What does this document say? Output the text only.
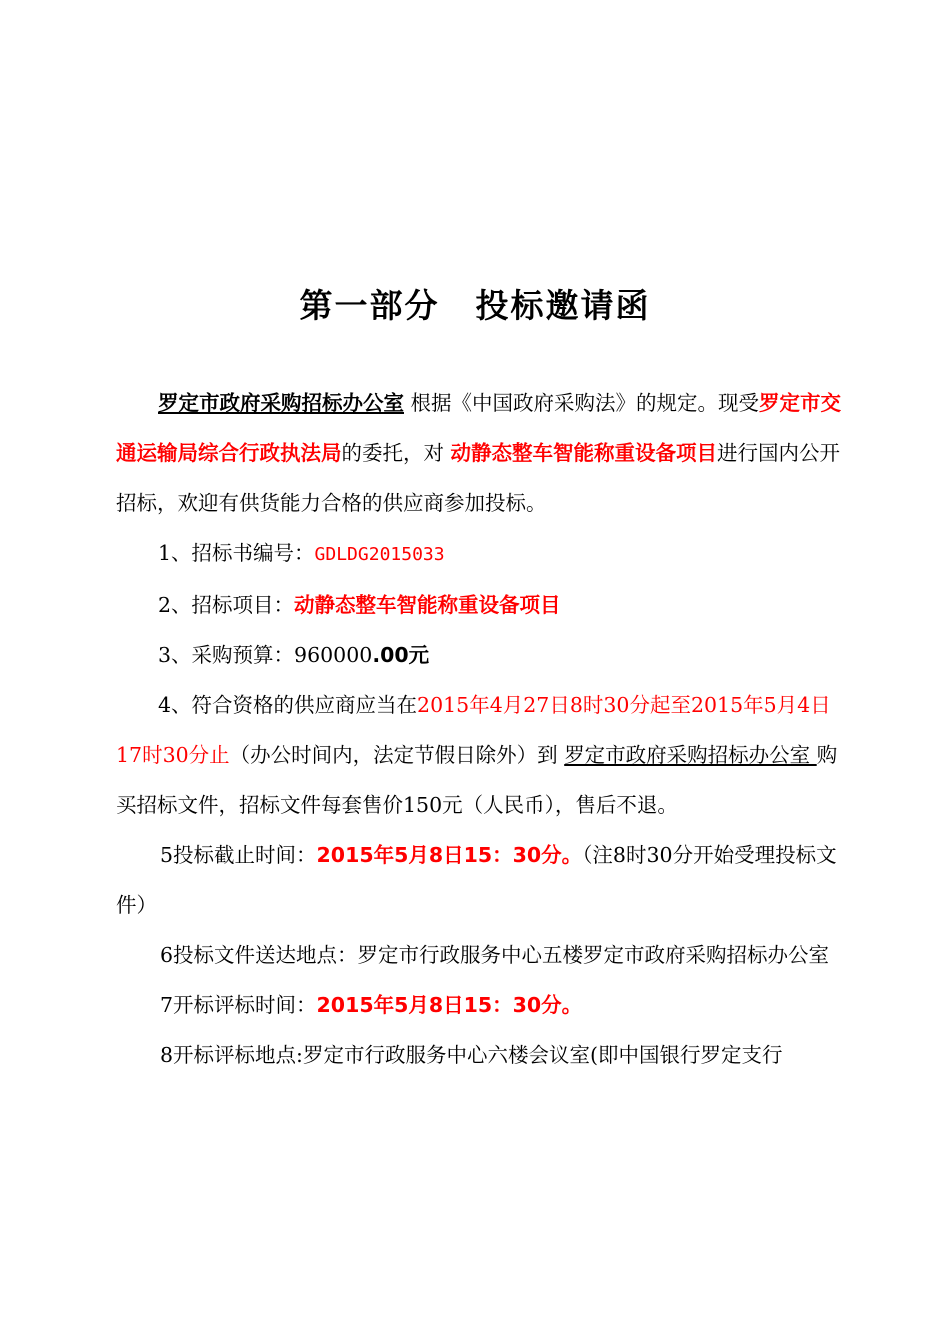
第一部分 投标邀请函

罗定市政府采购招标办公室 根据《中国政府采购法》的规定。现受罗定市交通运输局综合行政执法局的委托，对 动静态整车智能称重设备项目进行国内公开招标，欢迎有供货能力合格的供应商参加投标。

1、招标书编号：GDLDG2015033

2、招标项目：动静态整车智能称重设备项目

3、采购预算：960000.00元

4、符合资格的供应商应当在2015年4月27日8时30分起至2015年5月4日17时30分止（办公时间内，法定节假日除外）到 罗定市政府采购招标办公室 购买招标文件，招标文件每套售价150元（人民币），售后不退。

5投标截止时间：2015年5月8日15：30分。（注8时30分开始受理投标文件）

6投标文件送达地点：罗定市行政服务中心五楼罗定市政府采购招标办公室

7开标评标时间：2015年5月8日15：30分。

8开标评标地点:罗定市行政服务中心六楼会议室(即中国银行罗定支行
